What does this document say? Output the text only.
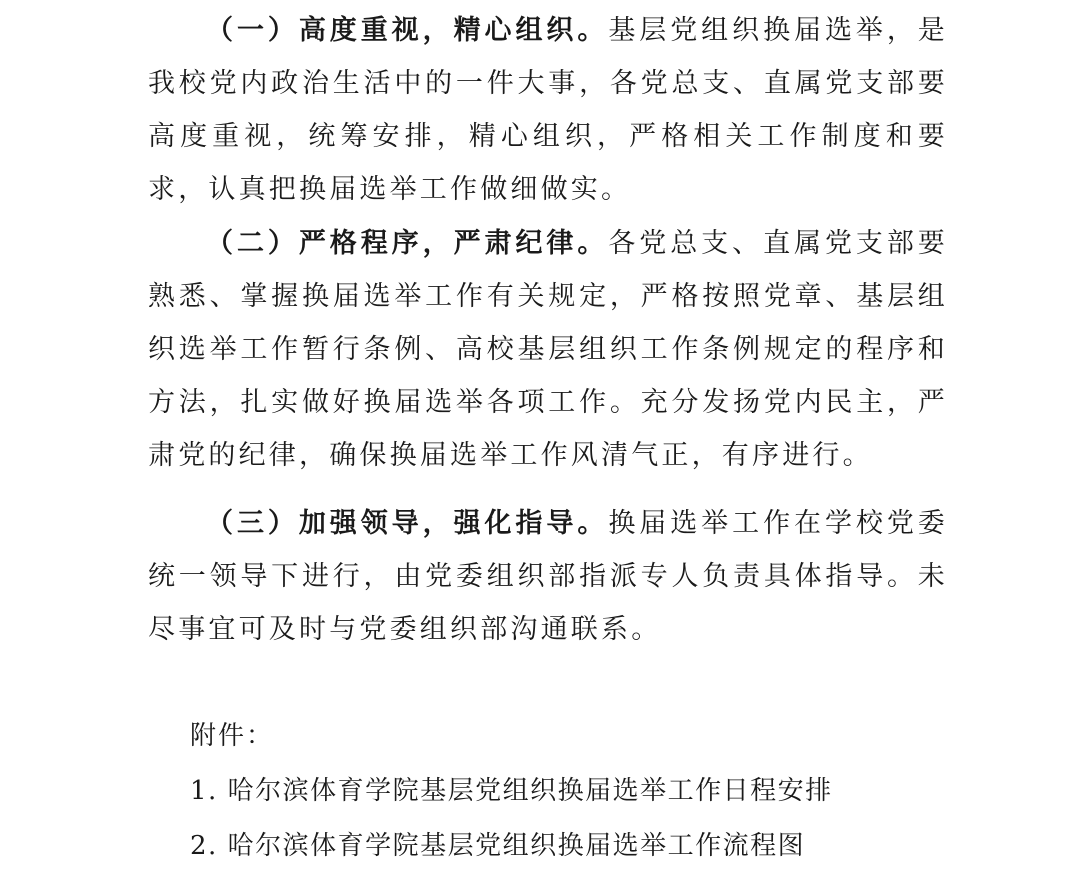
（一）高度重视，精心组织。基层党组织换届选举，是我校党内政治生活中的一件大事，各党总支、直属党支部要高度重视，统筹安排，精心组织，严格相关工作制度和要求，认真把换届选举工作做细做实。

（二）严格程序，严肃纪律。各党总支、直属党支部要熟悉、掌握换届选举工作有关规定，严格按照党章、基层组织选举工作暂行条例、高校基层组织工作条例规定的程序和方法，扎实做好换届选举各项工作。充分发扬党内民主，严肃党的纪律，确保换届选举工作风清气正，有序进行。

（三）加强领导，强化指导。换届选举工作在学校党委统一领导下进行，由党委组织部指派专人负责具体指导。未尽事宜可及时与党委组织部沟通联系。

附件：

1. 哈尔滨体育学院基层党组织换届选举工作日程安排

2. 哈尔滨体育学院基层党组织换届选举工作流程图
